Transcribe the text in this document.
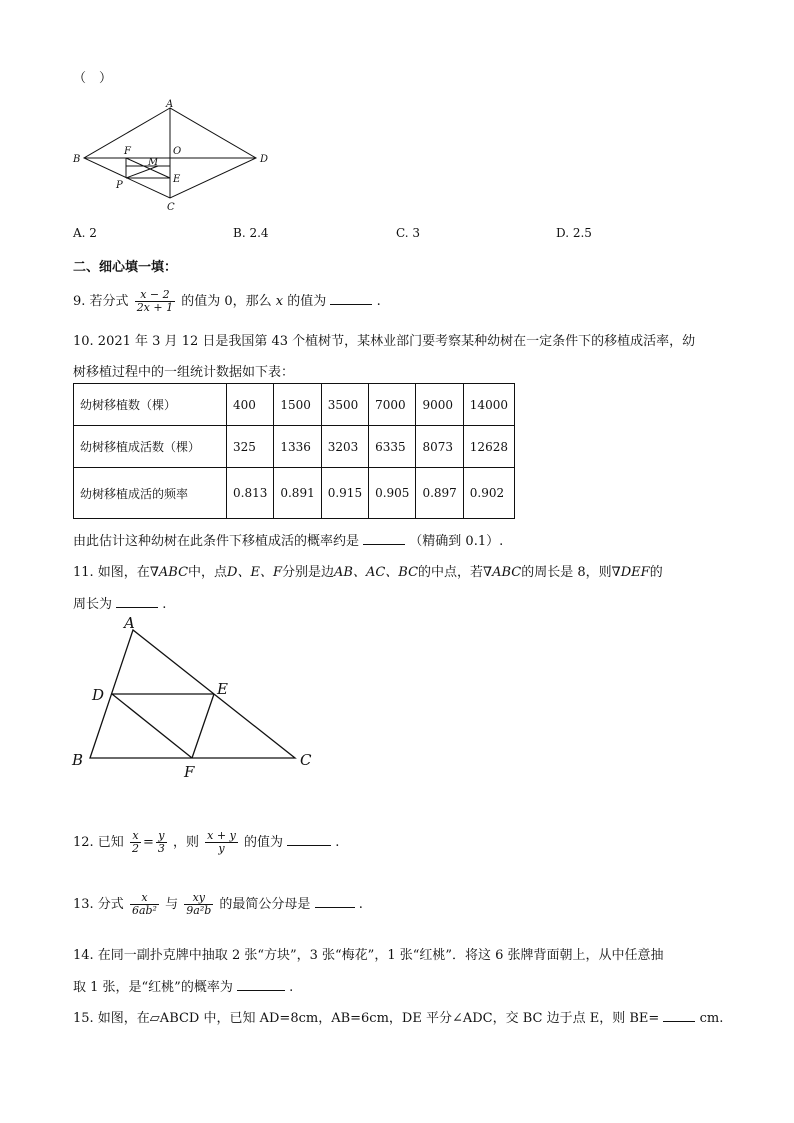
（　）
A
B
C
D
O
F
M
E
P
A. 2	B. 2.4	C. 3	D. 2.5
二、细心填一填：
9. 若分式 $\frac{x - 2}{2x + 1}$ 的值为 0，那么 x 的值为	.
10. 2021 年 3 月 12 日是我国第 43 个植树节，某林业部门要考察某种幼树在一定条件下的移植成活率，幼
树移植过程中的一组统计数据如下表：
幼树移植数（棵）	400	1500	3500	7000	9000	14000
幼树移植成活数（棵）	325	1336	3203	6335	8073	12628
幼树移植成活的频率	0.813	0.891	0.915	0.905	0.897	0.902
由此估计这种幼树在此条件下移植成活的概率约是	（精确到 0.1）.
11. 如图，在∇ABC中，点D、E、F分别是边AB、AC、BC的中点，若∇ABC的周长是 8，则∇DEF的
周长为	.
A
B	C
D	E
F
12. 已知 $\frac{x}{2} = \frac{y}{3}$ ，则 $\frac{x + y}{y}$ 的值为	.
13. 分式 $\frac{x}{\text{6ab²}}$ 与 $\frac{xy}{\text{9a²b}}$ 的最简公分母是	.
14. 在同一副扑克牌中抽取 2 张“方块”，3 张“梅花”，1 张“红桃”．将这 6 张牌背面朝上，从中任意抽
取 1 张，是“红桃”的概率为	.
15. 如图，在▱ABCD 中，已知 AD=8cm，AB=6cm，DE 平分∠ADC，交 BC 边于点 E，则 BE=	cm.
